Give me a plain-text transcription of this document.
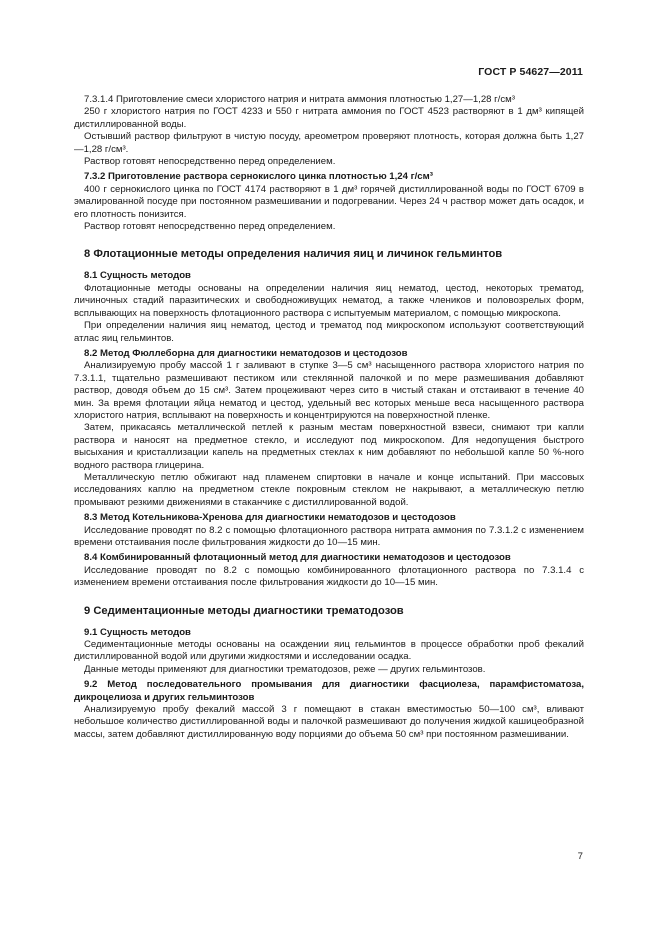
ГОСТ Р 54627—2011

7.3.1.4 Приготовление смеси хлористого натрия и нитрата аммония плотностью 1,27—1,28 г/см³

250 г хлористого натрия по ГОСТ 4233 и 550 г нитрата аммония по ГОСТ 4523 растворяют в 1 дм³ кипящей дистиллированной воды.

Остывший раствор фильтруют в чистую посуду, ареометром проверяют плотность, которая должна быть 1,27—1,28 г/см³.

Раствор готовят непосредственно перед определением.

7.3.2 Приготовление раствора сернокислого цинка плотностью 1,24 г/см³

400 г сернокислого цинка по ГОСТ 4174 растворяют в 1 дм³ горячей дистиллированной воды по ГОСТ 6709 в эмалированной посуде при постоянном размешивании и подогревании. Через 24 ч раствор может дать осадок, и его плотность понизится.

Раствор готовят непосредственно перед определением.

8 Флотационные методы определения наличия яиц и личинок гельминтов

8.1 Сущность методов

Флотационные методы основаны на определении наличия яиц нематод, цестод, некоторых трематод, личиночных стадий паразитических и свободноживущих нематод, а также члеников и половозрелых форм, всплывающих на поверхность флотационного раствора с испытуемым материалом, с помощью микроскопа.

При определении наличия яиц нематод, цестод и трематод под микроскопом используют соответствующий атлас яиц гельминтов.

8.2 Метод Фюллеборна для диагностики нематодозов и цестодозов

Анализируемую пробу массой 1 г заливают в ступке 3—5 см³ насыщенного раствора хлористого натрия по 7.3.1.1, тщательно размешивают пестиком или стеклянной палочкой и по мере размешивания добавляют раствор, доводя объем до 15 см³. Затем процеживают через сито в чистый стакан и отстаивают в течение 40 мин. За время флотации яйца нематод и цестод, удельный вес которых меньше веса насыщенного раствора хлористого натрия, всплывают на поверхность и концентрируются на поверхностной пленке.

Затем, прикасаясь металлической петлей к разным местам поверхностной взвеси, снимают три капли раствора и наносят на предметное стекло, и исследуют под микроскопом. Для недопущения быстрого высыхания и кристаллизации капель на предметных стеклах к ним добавляют по небольшой капле 50 %-ного водного раствора глицерина.

Металлическую петлю обжигают над пламенем спиртовки в начале и конце испытаний. При массовых исследованиях каплю на предметном стекле покровным стеклом не накрывают, а металлическую петлю промывают резкими движениями в стаканчике с дистиллированной водой.

8.3 Метод Котельникова-Хренова для диагностики нематодозов и цестодозов

Исследование проводят по 8.2 с помощью флотационного раствора нитрата аммония по 7.3.1.2 с изменением времени отстаивания после фильтрования жидкости до 10—15 мин.

8.4 Комбинированный флотационный метод для диагностики нематодозов и цестодозов

Исследование проводят по 8.2 с помощью комбинированного флотационного раствора по 7.3.1.4 с изменением времени отстаивания после фильтрования жидкости до 10—15 мин.

9 Седиментационные методы диагностики трематодозов

9.1 Сущность методов

Седиментационные методы основаны на осаждении яиц гельминтов в процессе обработки проб фекалий дистиллированной водой или другими жидкостями и исследовании осадка.

Данные методы применяют для диагностики трематодозов, реже — других гельминтозов.

9.2 Метод последовательного промывания для диагностики фасциолеза, парамфистоматоза, дикроцелиоза и других гельминтозов

Анализируемую пробу фекалий массой 3 г помещают в стакан вместимостью 50—100 см³, вливают небольшое количество дистиллированной воды и палочкой размешивают до получения жидкой кашицеобразной массы, затем добавляют дистиллированную воду порциями до объема 50 см³ при постоянном размешивании.

7
